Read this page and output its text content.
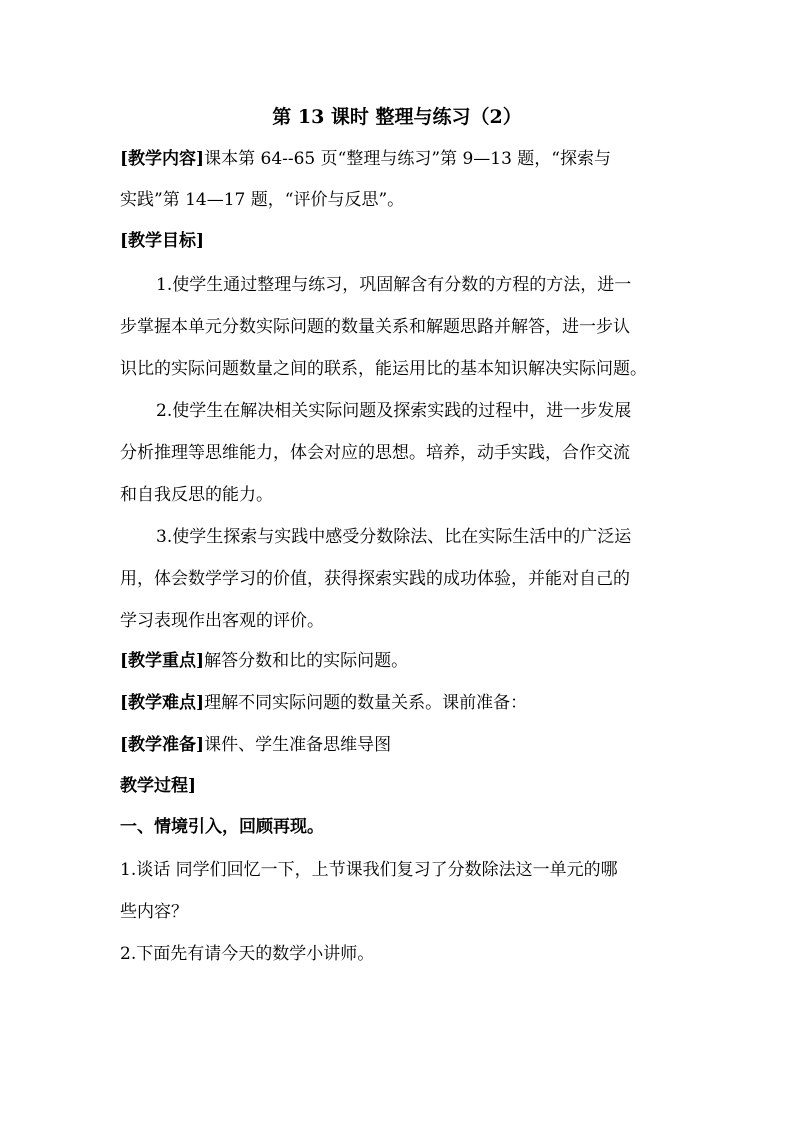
第 13 课时 整理与练习（2）
[教学内容]课本第 64--65 页“整理与练习”第 9—13 题，“探索与
实践”第 14—17 题，“评价与反思”。
[教学目标]
1.使学生通过整理与练习，巩固解含有分数的方程的方法，进一
步掌握本单元分数实际问题的数量关系和解题思路并解答，进一步认
识比的实际问题数量之间的联系，能运用比的基本知识解决实际问题。
2.使学生在解决相关实际问题及探索实践的过程中，进一步发展
分析推理等思维能力，体会对应的思想。培养，动手实践，合作交流
和自我反思的能力。
3.使学生探索与实践中感受分数除法、比在实际生活中的广泛运
用，体会数学学习的价值，获得探索实践的成功体验，并能对自己的
学习表现作出客观的评价。
[教学重点]解答分数和比的实际问题。
[教学难点]理解不同实际问题的数量关系。课前准备：
[教学准备]课件、学生准备思维导图
教学过程]
一、情境引入，回顾再现。
1.谈话 同学们回忆一下，上节课我们复习了分数除法这一单元的哪
些内容？
2.下面先有请今天的数学小讲师。
